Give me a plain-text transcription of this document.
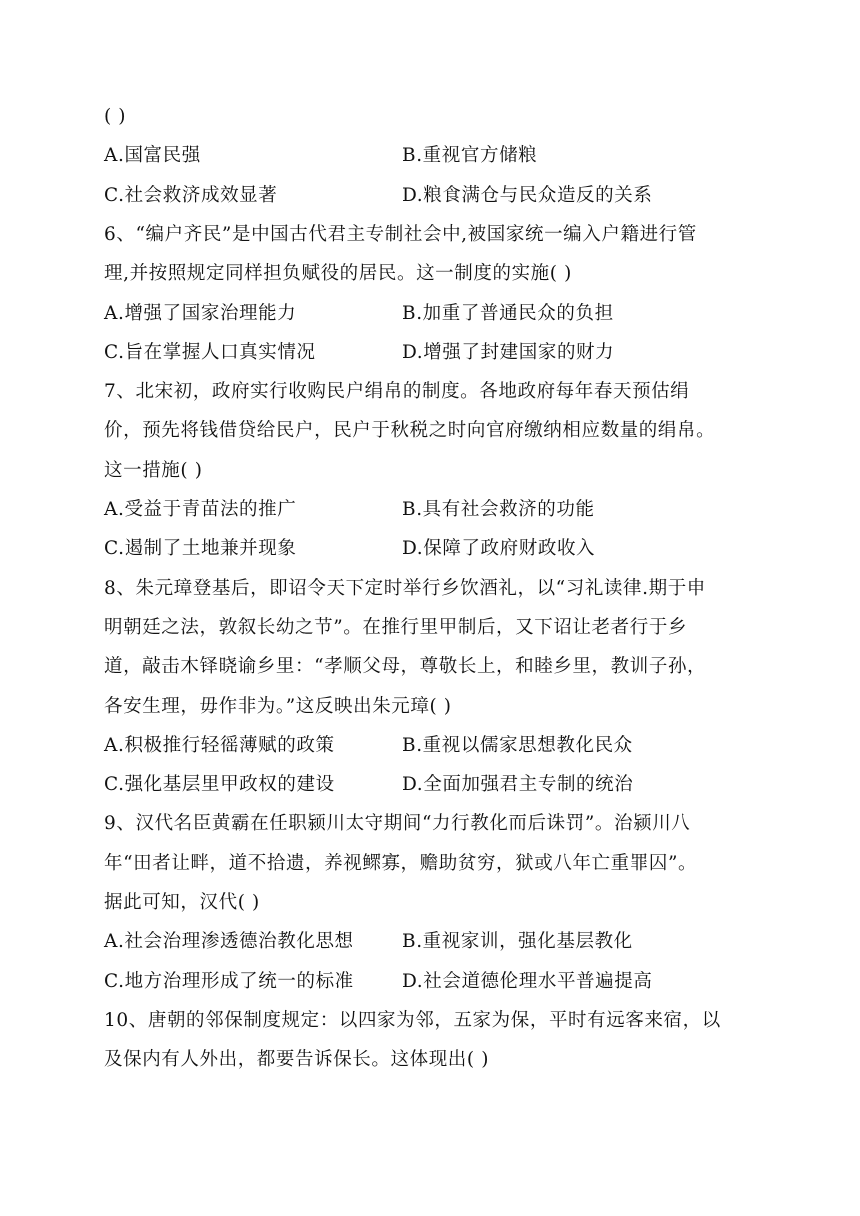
( )
A.国富民强	B.重视官方储粮
C.社会救济成效显著	D.粮食满仓与民众造反的关系
6、“编户齐民”是中国古代君主专制社会中,被国家统一编入户籍进行管
理,并按照规定同样担负赋役的居民。这一制度的实施( )
A.增强了国家治理能力	B.加重了普通民众的负担
C.旨在掌握人口真实情况	D.增强了封建国家的财力
7、北宋初，政府实行收购民户绢帛的制度。各地政府每年春天预估绢
价，预先将钱借贷给民户，民户于秋税之时向官府缴纳相应数量的绢帛。
这一措施( )
A.受益于青苗法的推广	B.具有社会救济的功能
C.遏制了土地兼并现象	D.保障了政府财政收入
8、朱元璋登基后，即诏令天下定时举行乡饮酒礼，以“习礼读律.期于申
明朝廷之法，敦叙长幼之节”。在推行里甲制后，又下诏让老者行于乡
道，敲击木铎晓谕乡里：“孝顺父母，尊敬长上，和睦乡里，教训子孙，
各安生理，毋作非为。”这反映出朱元璋( )
A.积极推行轻徭薄赋的政策	B.重视以儒家思想教化民众
C.强化基层里甲政权的建设	D.全面加强君主专制的统治
9、汉代名臣黄霸在任职颍川太守期间“力行教化而后诛罚”。治颍川八
年“田者让畔，道不拾遗，养视鳏寡，赡助贫穷，狱或八年亡重罪囚”。
据此可知，汉代( )
A.社会治理渗透德治教化思想	B.重视家训，强化基层教化
C.地方治理形成了统一的标准	D.社会道德伦理水平普遍提高
10、唐朝的邻保制度规定：以四家为邻，五家为保，平时有远客来宿，以
及保内有人外出，都要告诉保长。这体现出( )
